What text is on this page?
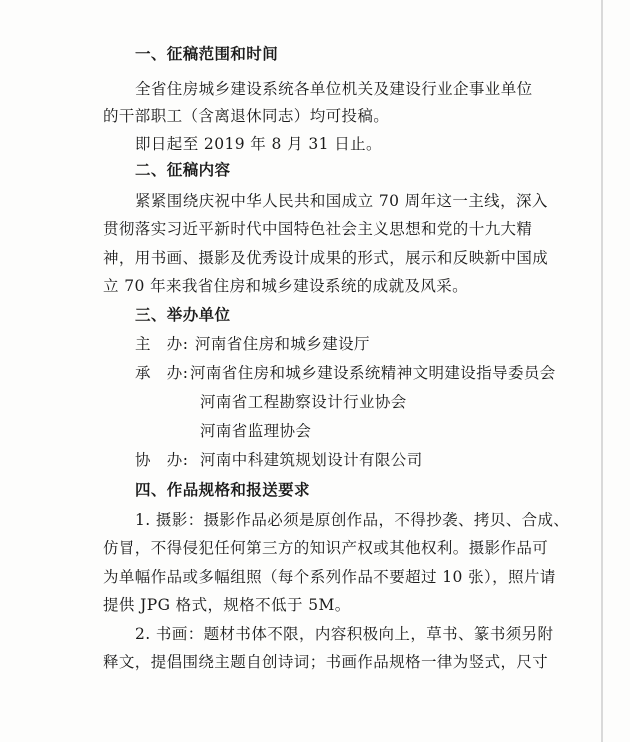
一、征稿范围和时间
全省住房城乡建设系统各单位机关及建设行业企事业单位
的干部职工（含离退休同志）均可投稿。
即日起至 2019 年 8 月 31 日止。
二、征稿内容
紧紧围绕庆祝中华人民共和国成立 70 周年这一主线，深入
贯彻落实习近平新时代中国特色社会主义思想和党的十九大精
神，用书画、摄影及优秀设计成果的形式，展示和反映新中国成
立 70 年来我省住房和城乡建设系统的成就及风采。
三、举办单位
主　办: 河南省住房和城乡建设厅
承　办: 河南省住房和城乡建设系统精神文明建设指导委员会
河南省工程勘察设计行业协会
河南省监理协会
协　办: 河南中科建筑规划设计有限公司
四、作品规格和报送要求
1. 摄影：摄影作品必须是原创作品，不得抄袭、拷贝、合成、
仿冒，不得侵犯任何第三方的知识产权或其他权利。摄影作品可
为单幅作品或多幅组照（每个系列作品不要超过 10 张），照片请
提供 JPG 格式，规格不低于 5M。
2. 书画：题材书体不限，内容积极向上，草书、篆书须另附
释文，提倡围绕主题自创诗词；书画作品规格一律为竖式，尺寸
